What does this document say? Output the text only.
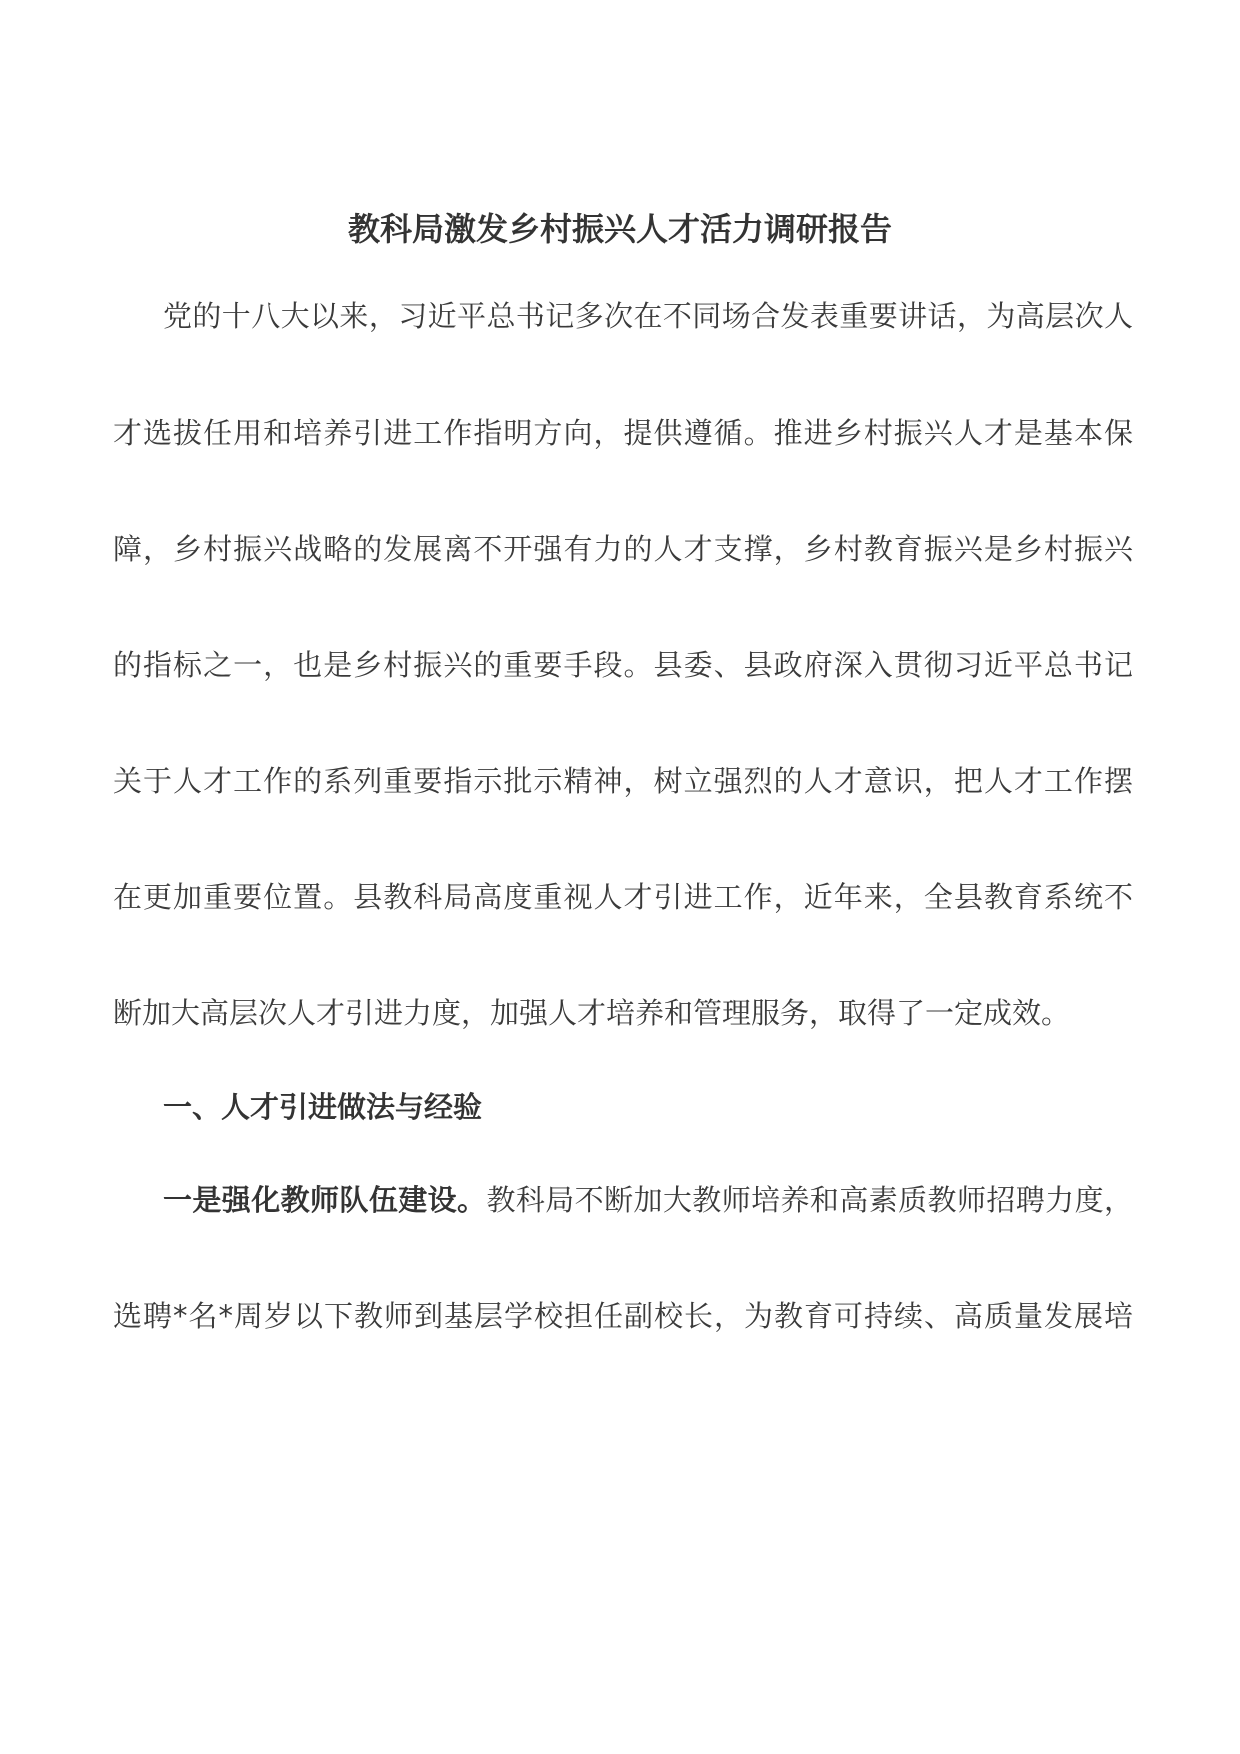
教科局激发乡村振兴人才活力调研报告
党的十八大以来，习近平总书记多次在不同场合发表重要讲话，为高层次人
才选拔任用和培养引进工作指明方向，提供遵循。推进乡村振兴人才是基本保
障，乡村振兴战略的发展离不开强有力的人才支撑，乡村教育振兴是乡村振兴
的指标之一，也是乡村振兴的重要手段。县委、县政府深入贯彻习近平总书记
关于人才工作的系列重要指示批示精神，树立强烈的人才意识，把人才工作摆
在更加重要位置。县教科局高度重视人才引进工作，近年来，全县教育系统不
断加大高层次人才引进力度，加强人才培养和管理服务，取得了一定成效。
一、人才引进做法与经验
一是强化教师队伍建设。教科局不断加大教师培养和高素质教师招聘力度，
选聘*名*周岁以下教师到基层学校担任副校长，为教育可持续、高质量发展培
